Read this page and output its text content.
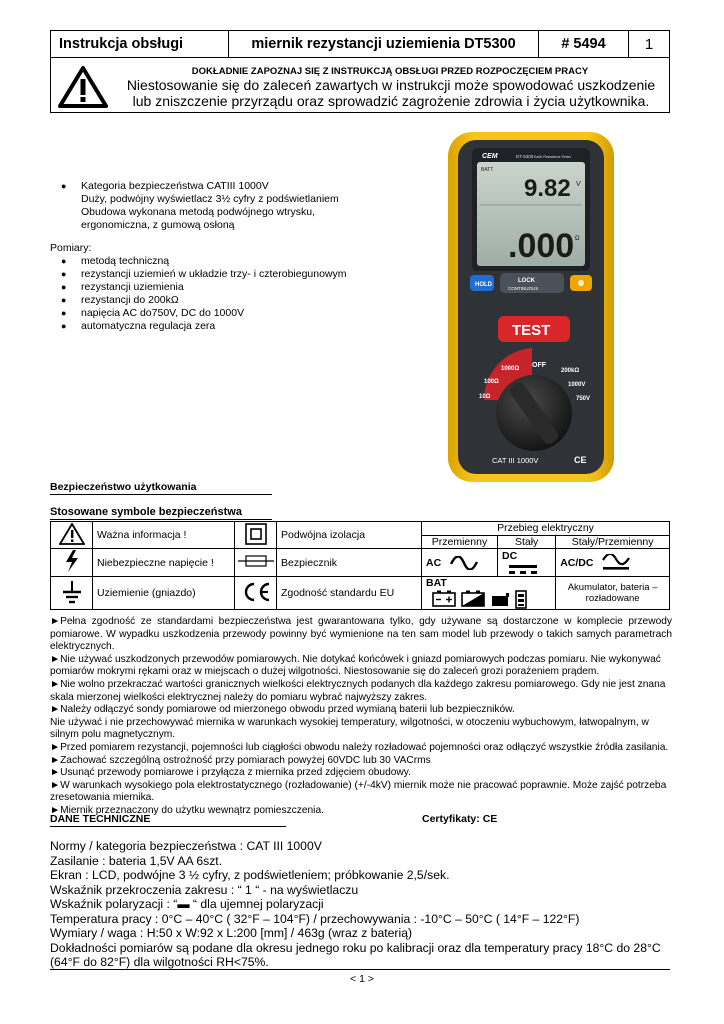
Instrukcja obsługi	miernik rezystancji uziemienia DT5300	# 5494	1
DOKŁADNIE ZAPOZNAJ SIĘ Z INSTRUKCJĄ OBSŁUGI PRZED ROZPOCZĘCIEM PRACY
Niestosowanie się do zaleceń zawartych w instrukcji może spowodować uszkodzenie lub zniszczenie przyrządu oraz sprowadzić zagrożenie zdrowia i życia użytkownika.
● Kategoria bezpieczeństwa CATIII 1000V
Duży, podwójny wyświetlacz 3½ cyfry z podświetlaniem
Obudowa wykonana metodą podwójnego wtrysku,
ergonomiczna, z gumową osłoną
Pomiary:
● metodą techniczną
● rezystancji uziemień w układzie trzy- i czterobiegunowym
● rezystancji uziemienia
● rezystancji do 200kΩ
● napięcia AC do750V, DC do 1000V
● automatyczna regulacja zera
CEM	DT-5300 Earth Resistance Tester
BATT
9.82 V
.000 Ω
HOLD
LOCK
CONTINUOUS
TEST
1000Ω
100Ω
10Ω
OFF
200kΩ
1000V
750V
CAT III 1000V	CE
Bezpieczeństwo użytkowania
Stosowane symbole bezpieczeństwa
	Ważna informacja !		Podwójna izolacja	Przebieg elektryczny		
				Przemienny	Stały	Stały/Przemienny
	Niebezpieczne napięcie !		Bezpiecznik	AC	DC	AC/DC
	Uziemienie (gniazdo)		Zgodność standardu EU	BAT		Akumulator, bateria – rozładowane

►Pełna zgodność ze standardami bezpieczeństwa jest gwarantowana tylko, gdy używane są dostarczone w komplecie przewody pomiarowe. W wypadku uszkodzenia przewody powinny być wymienione na ten sam model lub przewody o takich samych parametrach elektrycznych.

►Nie używać uszkodzonych przewodów pomiarowych. Nie dotykać końcówek i gniazd pomiarowych podczas pomiaru. Nie wykonywać pomiarów mokrymi rękami oraz w miejscach o dużej wilgotności. Niestosowanie się do zaleceń grozi porażeniem prądem.

►Nie wolno przekraczać wartości granicznych wielkości elektrycznych podanych dla każdego zakresu pomiarowego. Gdy nie jest znana skala mierzonej wielkości elektrycznej należy do pomiaru wybrać najwyższy zakres.

►Należy odłączyć sondy pomiarowe od mierzonego obwodu przed wymianą baterii lub bezpieczników.

Nie używać i nie przechowywać miernika w warunkach wysokiej temperatury, wilgotności, w otoczeniu wybuchowym, łatwopalnym, w silnym polu magnetycznym.

►Przed pomiarem rezystancji, pojemności lub ciągłości obwodu należy rozładować pojemności oraz odłączyć wszystkie źródła zasilania.

►Zachować szczególną ostrożność przy pomiarach powyżej 60VDC lub 30 VACrms

►Usunąć przewody pomiarowe i przyłącza z miernika przed zdjęciem obudowy.

►W warunkach wysokiego pola elektrostatycznego (rozładowanie) (+/-4kV) miernik może nie pracować poprawnie. Może zajść potrzeba zresetowania miernika.

►Miernik przeznaczony do użytku wewnątrz pomieszczenia.

DANE TECHNICZNE	Certyfikaty: CE
Normy / kategoria bezpieczeństwa : CAT III 1000V
Zasilanie : bateria 1,5V AA 6szt.
Ekran : LCD, podwójne 3 ½ cyfry, z podświetleniem; próbkowanie 2,5/sek.
Wskaźnik przekroczenia zakresu : “ 1 “ - na wyświetlaczu
Wskaźnik polaryzacji : “▬ “ dla ujemnej polaryzacji
Temperatura pracy : 0°C – 40°C ( 32°F – 104°F) / przechowywania : -10°C – 50°C ( 14°F – 122°F)
Wymiary / waga : H:50 x W:92 x L:200 [mm] / 463g (wraz z baterią)
Dokładności pomiarów są podane dla okresu jednego roku po kalibracji oraz dla temperatury pracy 18°C do 28°C (64°F do 82°F) dla wilgotności RH<75%.
< 1 >
